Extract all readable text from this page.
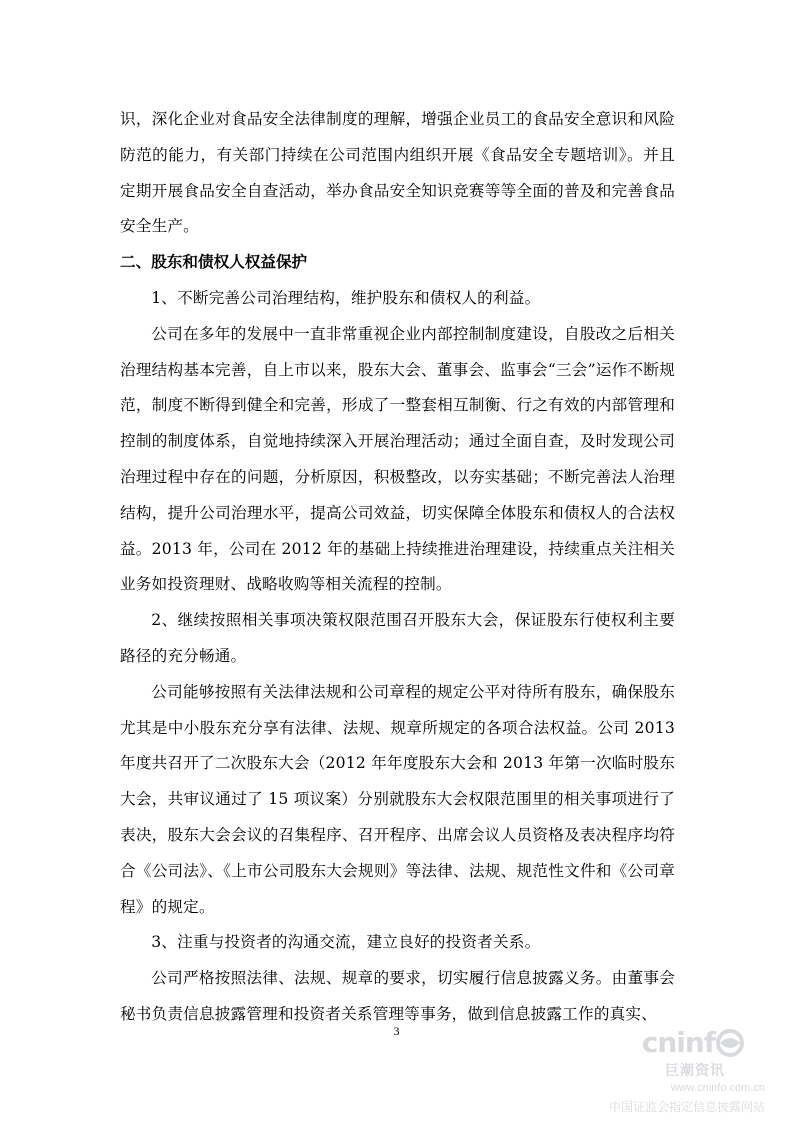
识，深化企业对食品安全法律制度的理解，增强企业员工的食品安全意识和风险防范的能力，有关部门持续在公司范围内组织开展《食品安全专题培训》。并且定期开展食品安全自查活动，举办食品安全知识竞赛等等全面的普及和完善食品安全生产。

二、股东和债权人权益保护

1、不断完善公司治理结构，维护股东和债权人的利益。

公司在多年的发展中一直非常重视企业内部控制制度建设，自股改之后相关治理结构基本完善，自上市以来，股东大会、董事会、监事会“三会”运作不断规范，制度不断得到健全和完善，形成了一整套相互制衡、行之有效的内部管理和控制的制度体系，自觉地持续深入开展治理活动；通过全面自查，及时发现公司治理过程中存在的问题，分析原因，积极整改，以夯实基础；不断完善法人治理结构，提升公司治理水平，提高公司效益，切实保障全体股东和债权人的合法权益。2013 年，公司在 2012 年的基础上持续推进治理建设，持续重点关注相关业务如投资理财、战略收购等相关流程的控制。

2、继续按照相关事项决策权限范围召开股东大会，保证股东行使权利主要路径的充分畅通。

公司能够按照有关法律法规和公司章程的规定公平对待所有股东，确保股东尤其是中小股东充分享有法律、法规、规章所规定的各项合法权益。公司 2013 年度共召开了二次股东大会（2012 年年度股东大会和 2013 年第一次临时股东大会，共审议通过了 15 项议案）分别就股东大会权限范围里的相关事项进行了表决，股东大会会议的召集程序、召开程序、出席会议人员资格及表决程序均符合《公司法》、《上市公司股东大会规则》等法律、法规、规范性文件和《公司章程》的规定。

3、注重与投资者的沟通交流，建立良好的投资者关系。

公司严格按照法律、法规、规章的要求，切实履行信息披露义务。由董事会秘书负责信息披露管理和投资者关系管理等事务，做到信息披露工作的真实、

3	cninf
巨潮资讯
www.cninfo.com.cn
中国证监会指定信息披露网站
